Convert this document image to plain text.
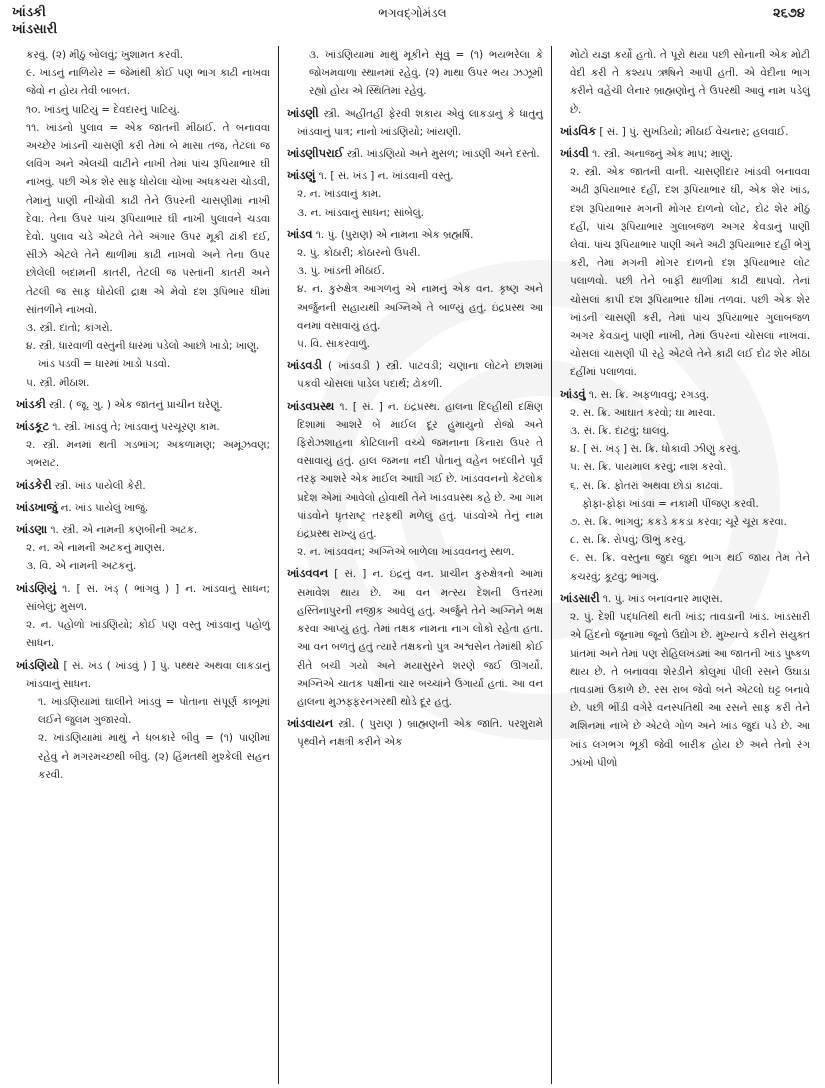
ખાંડકી
ખાંડસારી
ભગવદ્ગોમંડલ	૨૬૭૪

કરવું. (૨) મીઠું બોલવું; ખુશામત કરવી.

૯. ખાંડનું નાળિયેર = જેમાંથી કોઈ પણ ભાગ કાઢી નાખવા જેવો ન હોય તેવી બાબત.

૧૦. ખાંડનું પાટિયું = દેવદારનું પાટિયું.

૧૧. ખાંડનો પુલાવ = એક જાતની મીઠાઈ. તે બનાવવા અચ્છેર ખાંડની ચાસણી કરી તેમાં બે માસા તજ, તેટલાં જ લવિંગ અને એલચી વાટીને નાખી તેમાં પાંચ રૂપિયાભાર ઘી નાખવું. પછી એક શેર સાફ ધોયેલા ચોખા અધકચરા ચોડવી, તેમાંનું પાણી નીચોવી કાઢી તેને ઉપરની ચાસણીમાં નાખી દેવા. તેના ઉપર પાંચ રૂપિયાભાર ઘી નાખી પુલાવને ચડવા દેવો. પુલાવ ચડે એટલે તેને અંગાર ઉપર મૂકી ઢાંકી દઈ, સીઝે એટલે તેને થાળીમાં કાઢી નાખવો અને તેના ઉપર છોલેલી બદામની કાતરી, તેટલી જ પસ્તાંની કાતરી અને તેટલી જ સાફ ધોયેલી દ્રાક્ષ એ મેવો દશ રૂપિભાર ઘીમાં સાંતળીને નાખવો.

૩. સ્ત્રી. દાંતો; કાંગરો.

૪. સ્ત્રી. ધારવાળી વસ્તુની ધારમાં પડેલો આછો ખાડો; ખાણુ.

ખાંડ પડવી = ધારમાં ખાડો પડવો.

૫. સ્ત્રી. મીઠાશ.

ખાંડકી સ્ત્રી. ( જૂ. ગુ. ) એક જાતનું પ્રાચીન ઘરેણું.

ખાંડકૂટ ૧. સ્ત્રી. ખાંડવું તે; ખાંડવાનું પરચૂરણ કામ.

૨. સ્ત્રી. મનમાં થતી ગડભાંગ; અકળામણ; અમૂંઝવણ; ગભરાટ.

ખાંડકેરી સ્ત્રી. ખાંડ પાયેલી કેરી.

ખાંડખાજું ન. ખાંડ પાયેલું ખાજું.

ખાંડણા ૧. સ્ત્રી. એ નામની કણબીની અટક.

૨. ન. એ નામની અટકનું માણસ.

૩. વિ. એ નામની અટકનું.

ખાંડણિયું ૧. [ સં. ખંડ્ ( ભાંગવું ) ] ન. ખાંડવાનું સાધન; સાંબેલું; મુસળ.

૨. ન. પહોળો ખાંડણિયો; કોઈ પણ વસ્તુ ખાંડવાનું પહોળું સાધન.

ખાંડણિયો [ સં. ખંડ ( ખાંડવું ) ] પું. પથ્થર અથવા લાકડાનું ખાંડવાનું સાધન.

૧. ખાંડણિયામાં ઘાલીને ખાંડવું = પોતાના સંપૂર્ણ કાબૂમાં લઈને જુલમ ગુજારવો.

૨. ખાંડણિયામાં માથું ને ધબકારે બીવું = (૧) પાણીમાં રહેવું ને મગરમચ્છથી બીવું. (૨) હિંમતથી મુશ્કેલી સહન કરવી.

૩. ખાંડણિયામાં માથું મૂકીને સૂવું = (૧) ભયભરેલા કે જોખમવાળા સ્થાનમાં રહેવું. (૨) માથા ઉપર ભય ઝઝૂમી રહ્યો હોય એ સ્થિતિમાં રહેવું.

ખાંડણી સ્ત્રી. અહીંતહીં ફેરવી શકાય એવું લાકડાનું કે ધાતુનું ખાંડવાનું પાત્ર; નાનો ખાંડણિયો; ખાંયણી.

ખાંડણીપરાઈ સ્ત્રી. ખાંડણિયો અને મુસળ; ખાંડણી અને દસ્તો.

ખાંડણું ૧. [ સં. ખંડ ] ન. ખાંડવાની વસ્તુ.

૨. ન. ખાંડવાનું કામ.

૩. ન. ખાંડવાનું સાધન; સાંબેલું.

ખાંડવ ૧. પું. (પુરાણ) એ નામના એક બ્રહ્મર્ષિ.

૨. પું. કોઠારી; કોઠારનો ઉપરી.

૩. પું. ખાંડની મીઠાઈ.

૪. ન. કુરુક્ષેત્ર આગળનું એ નામનું એક વન. કૃષ્ણ અને અર્જુનની સહાયથી અગ્નિએ તે બાળ્યું હતું. ઇંદ્રપ્રસ્થ આ વનમાં વસાવાયું હતું.

૫. વિ. સાકરવાળું.

ખાંડવડી ( ખાંડવડી ) સ્ત્રી. પાટવડી; ચણાના લોટને છાશમાં પકવી ચોસલાં પાડેલ પદાર્થ; ઢોકળી.

ખાંડવપ્રસ્થ ૧. [ સં. ] ન. ઇંદ્રપ્રસ્થ. હાલના દિલ્હીથી દક્ષિણ દિશામાં આશરે બે માઈલ દૂર હુમાયુનો રોજો અને ફિરોઝશાહના કોટિલાની વચ્ચે જમનાના કિનારા ઉપર તે વસાવાયું હતું. હાલ જમના નદી પોતાનું વહેન બદલીને પૂર્વ તરફ આશરે એક માઈલ આઘી ગઈ છે. ખાંડવવનનો કેટલોક પ્રદેશ એમાં આવેલો હોવાથી તેને ખાંડવપ્રસ્થ કહે છે. આ ગામ પાંડવોને ધૃતરાષ્ટ્ર તરફથી મળેલું હતું. પાંડવોએ તેનું નામ ઇંદ્રપ્રસ્થ રાખ્યું હતું.

૨. ન. ખાંડવવન; અગ્નિએ બાળેલા ખાંડવવનનું સ્થળ.

ખાંડવવન [ સં. ] ન. ઇંદ્રનું વન. પ્રાચીન કુરુક્ષેત્રનો આમાં સમાવેશ થાય છે. આ વન મત્સ્ય દેશની ઉત્તરમાં હસ્તિનાપુરની નજીક આવેલું હતું. અર્જુને તેને અગ્નિને ભક્ષ કરવા આપ્યું હતું. તેમાં તક્ષક નામના નાગ લોકો રહેતા હતા. આ વન બળતું હતું ત્યારે તક્ષકનો પુત્ર અશ્વસેન તેમાંથી કોઈ રીતે બચી ગયો અને મયાસુરને શરણે જઈ ઊગર્યો. અગ્નિએ ચાતક પક્ષીનાં ચાર બચ્ચાંને ઉગાર્યાં હતાં. આ વન હાલના મુઝફ્ફરનગરથી થોડે દૂર હતું.

ખાંડવાયન સ્ત્રી. ( પુરાણ ) બ્રાહ્મણની એક જાતિ. પરશુરામે પૃથ્વીને નક્ષત્રી કરીને એક

મોટો યજ્ઞ કર્યો હતો. તે પૂરો થયા પછી સોનાની એક મોટી વેદી કરી તે કશ્યપ ઋષિને આપી હતી. એ વેદીના ભાગ કરીને વહેંચી લેનાર બ્રાહ્મણોનું તે ઉપરથી આવું નામ પડેલું છે.

ખાંડવિક [ સં. ] પું. સુખડિયો; મીઠાઈ વેચનાર; હલવાઈ.

ખાંડવી ૧. સ્ત્રી. અનાજનું એક માપ; માણું.

૨. સ્ત્રી. એક જાતની વાની. ચાસણીદાર ખાંડવી બનાવવા અઢી રૂપિયાભાર દહીં, દશ રૂપિયાભાર ઘી, એક શેર ખાંડ, દશ રૂપિયાભાર મગની મોગર દાળનો લોટ, દોઢ શેર મીઠું દહીં, પાંચ રૂપિયાભાર ગુલાબજળ અગર કેવડાનું પાણી લેવાં. પાંચ રૂપિયાભાર પાણી અને અઢી રૂપિયાભાર દહીં ભેગું કરી, તેમાં મગની મોગર દાળનો દશ રૂપિયાભાર લોટ પલાળવો. પછી તેને બાફી થાળીમાં કાઢી થાપવો. તેનાં ચોસલાં કાપી દશ રૂપિયાભાર ઘીમાં તળવાં. પછી એક શેર ખાંડની ચાસણી કરી, તેમાં પાંચ રૂપિયાભાર ગુલાબજળ અગર કેવડાનું પાણી નાખી, તેમાં ઉપરનાં ચોસલાં નાખવાં. ચોસલાં ચાસણી પી રહે એટલે તેને કાઢી લઈ દોઢ શેર મીઠા દહીંમાં પલાળવાં.

ખાંડવું ૧. સ. ક્રિ. અફળાવવું; રગડવું.

૨. સ. ક્રિ. આઘાત કરવો; ઘા મારવા.

૩. સ. ક્રિ. દાટવું; ઘાલવું.

૪. [ સં. ખંડ્ ] સ. ક્રિ. ધોકાવી ઝીણું કરવું.

૫. સ. ક્રિ. પાયમાલ કરવું; નાશ કરવો.

૬. સ. ક્રિ. ફોતરાં અથવા છોડાં કાઢવાં.

ફોફાં-ફોફાં ખાંડવાં = નકામી પીંજણ કરવી.

૭. સ. ક્રિ. ભાંગવું; કકડે કકડા કરવા; ચૂરે ચૂરા કરવા.

૮. સ. ક્રિ. રોપવું; ઊભું કરવું.

૯. સ. ક્રિ. વસ્તુના જુદા જુદા ભાગ થઈ જાય તેમ તેને કચરવું; કૂટવું; ભાંગવું.

ખાંડસારી ૧. પું. ખાંડ બનાવનાર માણસ.

૨. પું. દેશી પદ્ધતિથી થતી ખાંડ; તાવડાની ખાંડ. ખાંડસારી એ હિંદનો જૂનામાં જૂનો ઉદ્યોગ છે. મુખ્યત્વે કરીને સંયુક્ત પ્રાંતમાં અને તેમાં પણ રોહિલખંડમાં આ જાતની ખાંડ પુષ્કળ થાય છે. તે બનાવવા શેરડીને કોલુમાં પીલી રસને ઉઘાડા તાવડામાં ઉકાળે છે. રસ રાબ જેવો બને એટલો ઘટ્ટ બનાવે છે. પછી ભીંડી વગેરે વનસ્પતિથી આ રસને સાફ કરી તેને મશિનમાં નાખે છે એટલે ગોળ અને ખાંડ જુદાં પડે છે. આ ખાંડ લગભગ ભૂકી જેવી બારીક હોય છે અને તેનો રંગ ઝાંખો પીળો
